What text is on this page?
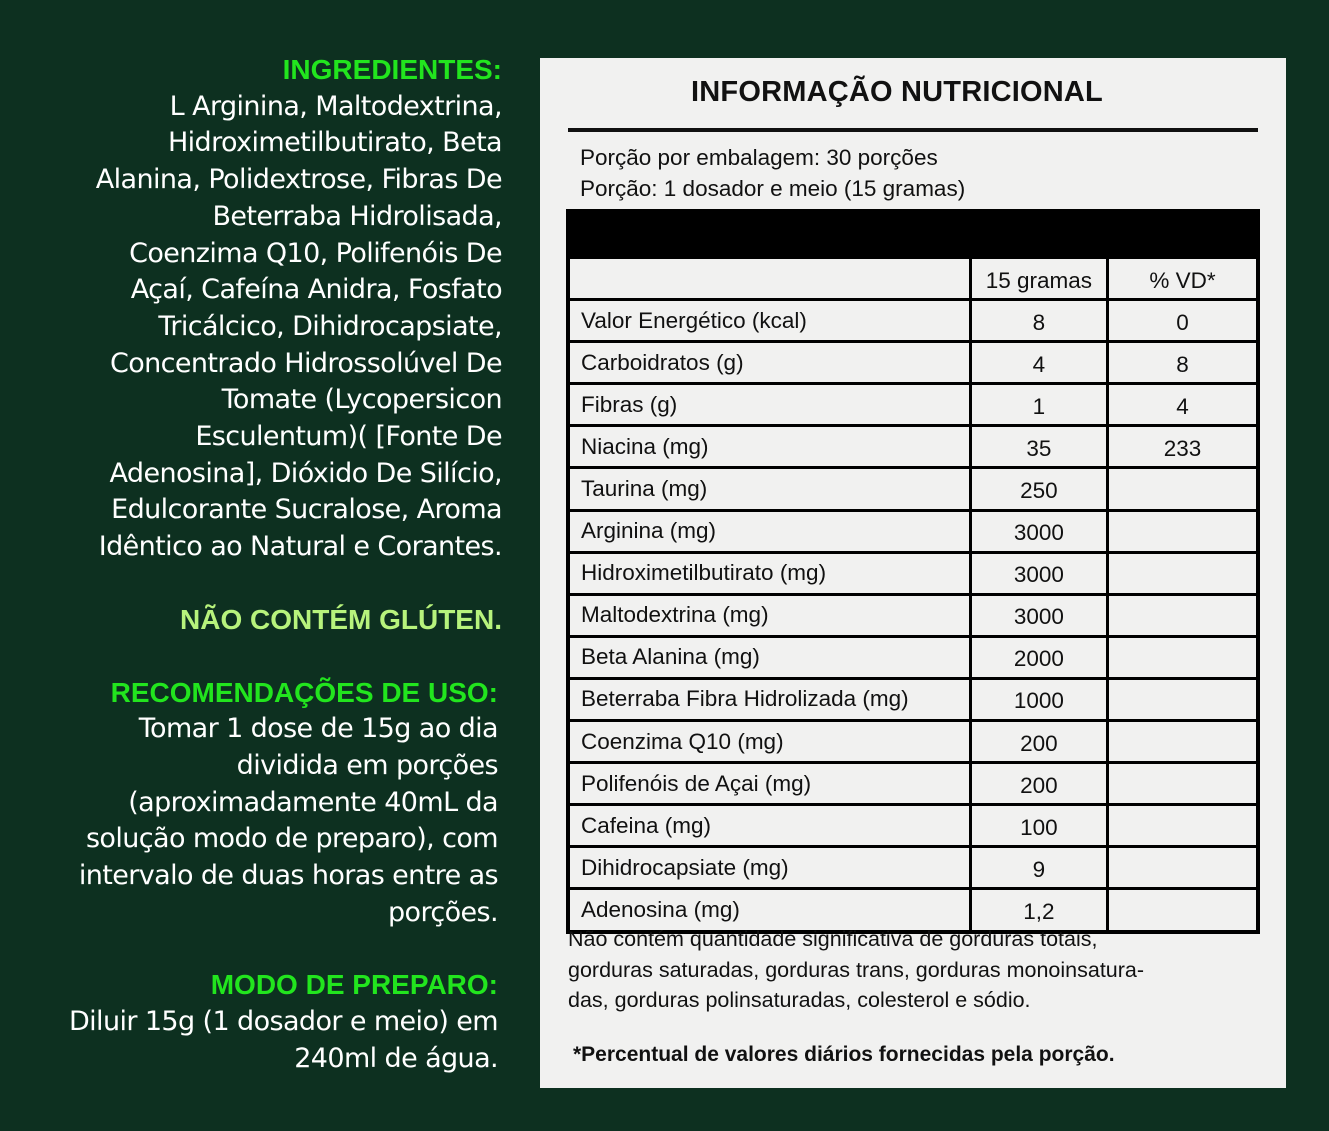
INGREDIENTES:
L Arginina, Maltodextrina,
Hidroximetilbutirato, Beta
Alanina, Polidextrose, Fibras De
Beterraba Hidrolisada,
Coenzima Q10, Polifenóis De
Açaí, Cafeína Anidra, Fosfato
Tricálcico, Dihidrocapsiate,
Concentrado Hidrossolúvel De
Tomate (Lycopersicon
Esculentum)( [Fonte De
Adenosina], Dióxido De Silício,
Edulcorante Sucralose, Aroma
Idêntico ao Natural e Corantes.
NÃO CONTÉM GLÚTEN.
RECOMENDAÇÕES DE USO:
Tomar 1 dose de 15g ao dia
dividida em porções
(aproximadamente 40mL da
solução modo de preparo), com
intervalo de duas horas entre as
porções.
MODO DE PREPARO:
Diluir 15g (1 dosador e meio) em
240ml de água.
INFORMAÇÃO NUTRICIONAL
Porção por embalagem: 30 porções
Porção: 1 dosador e meio (15 gramas)
	15 gramas	% VD*
Valor Energético (kcal)	8	0
Carboidratos (g)	4	8
Fibras (g)	1	4
Niacina (mg)	35	233
Taurina (mg)	250	
Arginina (mg)	3000	
Hidroximetilbutirato (mg)	3000	
Maltodextrina (mg)	3000	
Beta Alanina (mg)	2000	
Beterraba Fibra Hidrolizada (mg)	1000	
Coenzima Q10 (mg)	200	
Polifenóis de Açai (mg)	200	
Cafeina (mg)	100	
Dihidrocapsiate (mg)	9	
Adenosina (mg)	1,2	
Não contém quantidade significativa de gorduras totais,
gorduras saturadas, gorduras trans, gorduras monoinsatura-
das, gorduras polinsaturadas, colesterol e sódio.
*Percentual de valores diários fornecidas pela porção.
